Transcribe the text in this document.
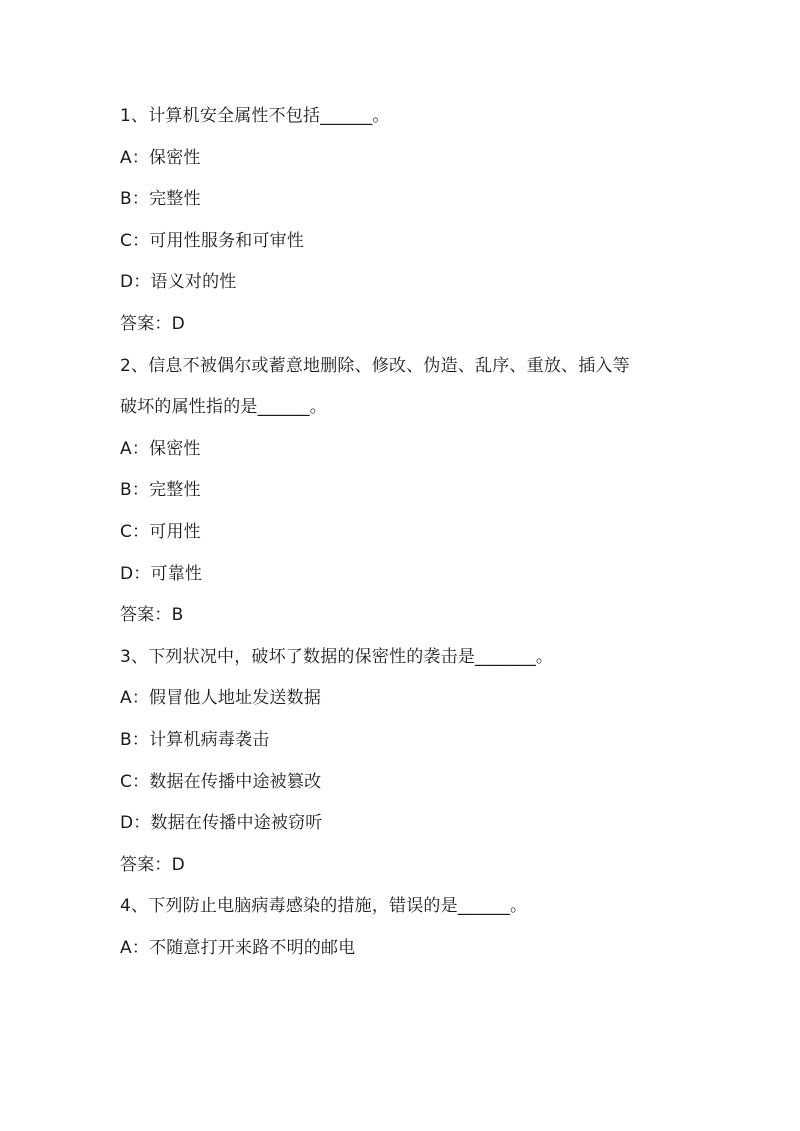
1、计算机安全属性不包括______。
A：保密性
B：完整性
C：可用性服务和可审性
D：语义对的性
答案：D
2、信息不被偶尔或蓄意地删除、修改、伪造、乱序、重放、插入等
破坏的属性指的是______。
A：保密性
B：完整性
C：可用性
D：可靠性
答案：B
3、下列状况中，破坏了数据的保密性的袭击是_______。
A：假冒他人地址发送数据
B：计算机病毒袭击
C：数据在传播中途被篡改
D：数据在传播中途被窃听
答案：D
4、下列防止电脑病毒感染的措施，错误的是______。
A：不随意打开来路不明的邮电
